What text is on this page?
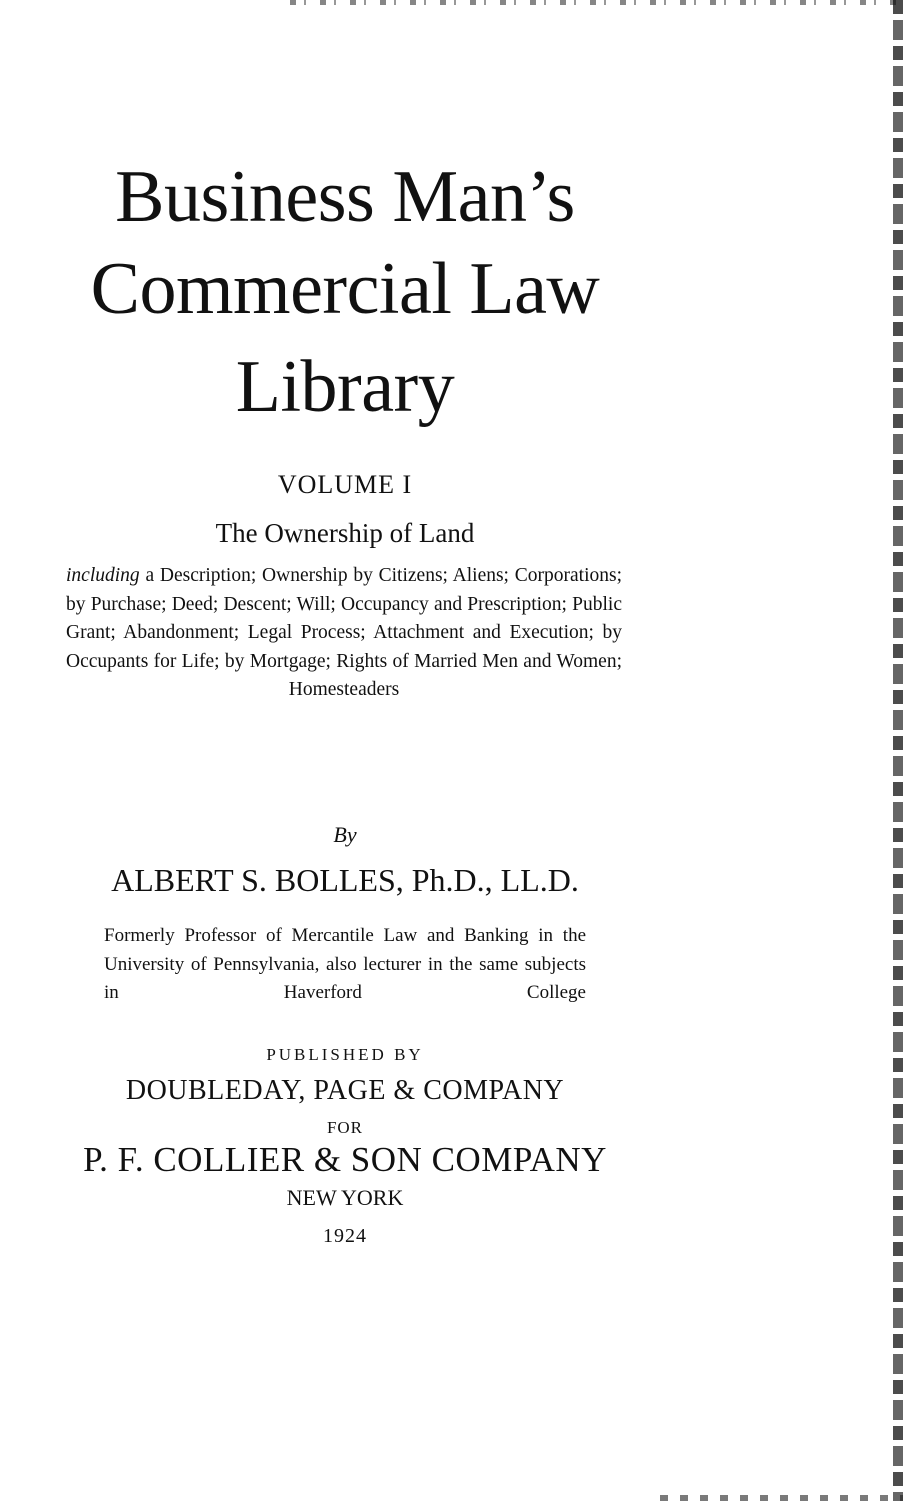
Business Man’s
Commercial Law
Library
VOLUME I
The Ownership of Land
including a Description; Ownership by Citizens; Aliens; Corporations; by Purchase; Deed; Descent; Will; Occupancy and Prescription; Public Grant; Abandonment; Legal Process; Attachment and Execution; by Occupants for Life; by Mortgage; Rights of Married Men and Women; Homesteaders
By
ALBERT S. BOLLES, Ph.D., LL.D.
Formerly Professor of Mercantile Law and Banking in the University of Pennsylvania, also lecturer in the same subjects in Haverford College
PUBLISHED BY
DOUBLEDAY, PAGE & COMPANY
FOR
P. F. COLLIER & SON COMPANY
NEW YORK
1924
